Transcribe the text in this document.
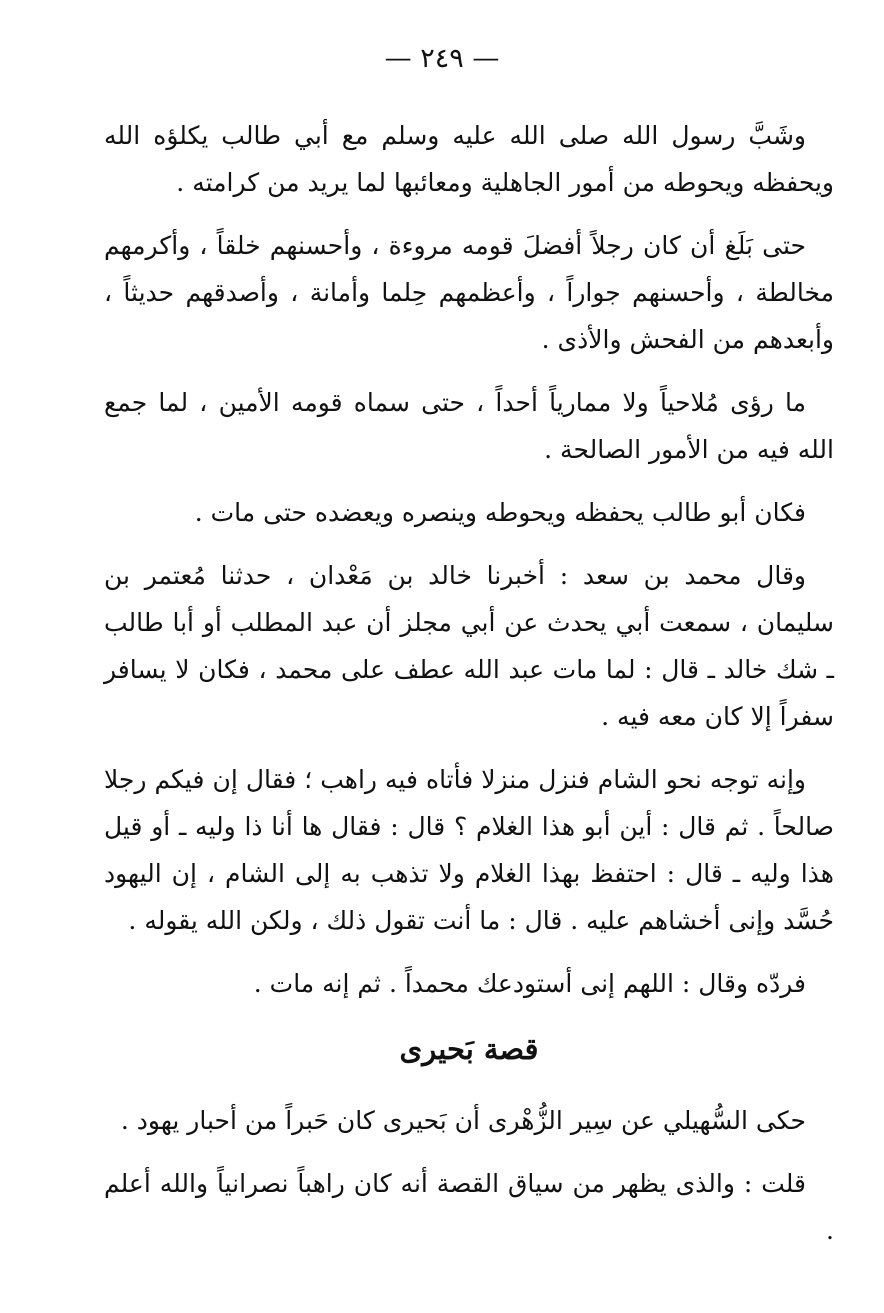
— ٢٤٩ —

وشَبَّ رسول الله صلى الله عليه وسلم مع أبي طالب يكلؤه الله ويحفظه ويحوطه من أمور الجاهلية ومعائبها لما يريد من كرامته .

حتى بَلَغ أن كان رجلاً أفضلَ قومه مروءة ، وأحسنهم خلقاً ، وأكرمهم مخالطة ، وأحسنهم جواراً ، وأعظمهم حِلما وأمانة ، وأصدقهم حديثاً ، وأبعدهم من الفحش والأذى .

ما رؤى مُلاحياً ولا ممارياً أحداً ، حتى سماه قومه الأمين ، لما جمع الله فيه من الأمور الصالحة .

فكان أبو طالب يحفظه ويحوطه وينصره ويعضده حتى مات .

وقال محمد بن سعد : أخبرنا خالد بن مَعْدان ، حدثنا مُعتمر بن سليمان ، سمعت أبي يحدث عن أبي مجلز أن عبد المطلب أو أبا طالب ـ شك خالد ـ قال : لما مات عبد الله عطف على محمد ، فكان لا يسافر سفراً إلا كان معه فيه .

وإنه توجه نحو الشام فنزل منزلا فأتاه فيه راهب ؛ فقال إن فيكم رجلا صالحاً . ثم قال : أين أبو هذا الغلام ؟ قال : فقال ها أنا ذا وليه ـ أو قيل هذا وليه ـ قال : احتفظ بهذا الغلام ولا تذهب به إلى الشام ، إن اليهود حُسَّد وإنى أخشاهم عليه . قال : ما أنت تقول ذلك ، ولكن الله يقوله .

فردّه وقال : اللهم إنى أستودعك محمداً . ثم إنه مات .

قصة بَحيرى

حكى السُّهيلي عن سِير الزُّهْرى أن بَحيرى كان حَبراً من أحبار يهود .

قلت : والذى يظهر من سياق القصة أنه كان راهباً نصرانياً والله أعلم .
